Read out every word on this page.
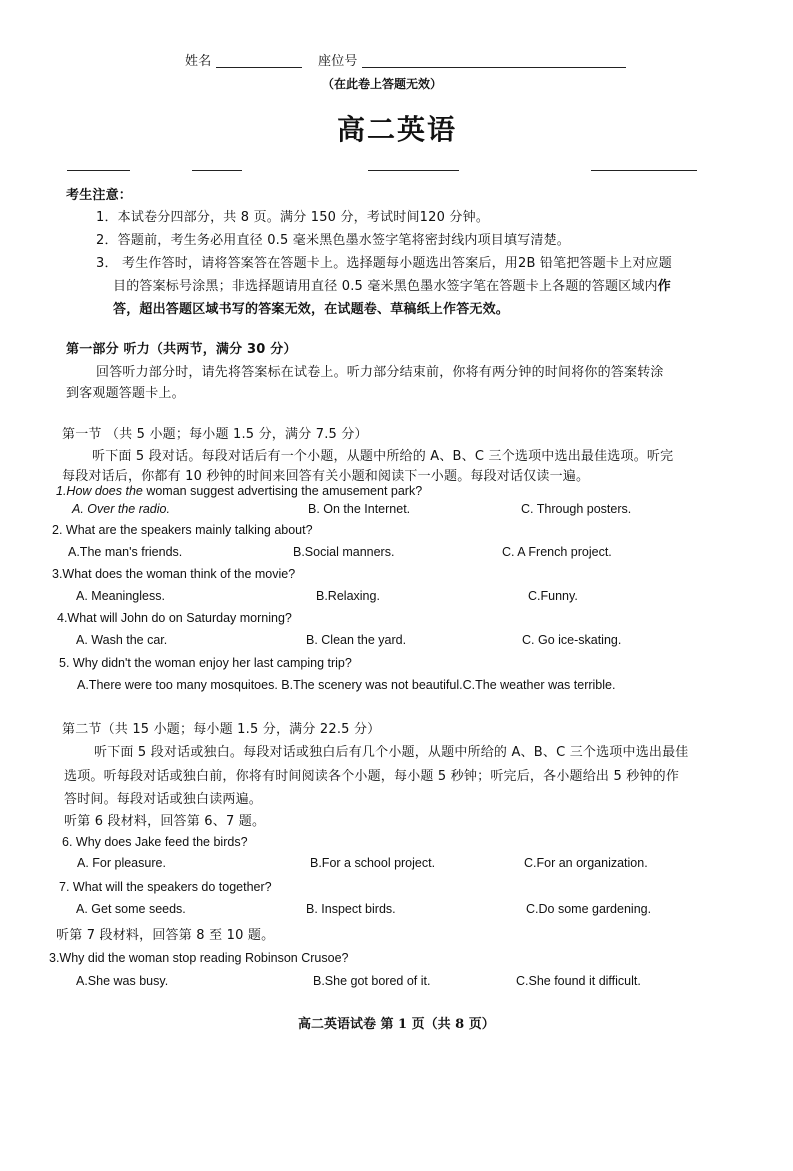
姓名	座位号
（在此卷上答题无效）
高二英语
考生注意：
1．本试卷分四部分，共 8 页。满分 150 分，考试时间120 分钟。
2．答题前，考生务必用直径 0.5 毫米黑色墨水签字笔将密封线内项目填写清楚。
3． 考生作答时，请将答案答在答题卡上。选择题每小题选出答案后，用2B 铅笔把答题卡上对应题
目的答案标号涂黑；非选择题请用直径 0.5 毫米黑色墨水签字笔在答题卡上各题的答题区域内作
答，超出答题区域书写的答案无效，在试题卷、草稿纸上作答无效。
第一部分 听力（共两节，满分 30 分）
回答听力部分时，请先将答案标在试卷上。听力部分结束前，你将有两分钟的时间将你的答案转涂
到客观题答题卡上。
第一节 （共 5 小题；每小题 1.5 分，满分 7.5 分）
听下面 5 段对话。每段对话后有一个小题，从题中所给的 A、B、C 三个选项中选出最佳选项。听完
每段对话后，你都有 10 秒钟的时间来回答有关小题和阅读下一小题。每段对话仅读一遍。
1.How does the woman suggest advertising the amusement park?
A. Over the radio.	B. On the Internet.	C. Through posters.
2. What are the speakers mainly talking about?
A.The man's friends.	B.Social manners.	C. A French project.
3.What does the woman think of the movie?
A. Meaningless.	B.Relaxing.	C.Funny.
4.What will John do on Saturday morning?
A. Wash the car.	B. Clean the yard.	C. Go ice-skating.
5. Why didn't the woman enjoy her last camping trip?
A.There were too many mosquitoes. B.The scenery was not beautiful.C.The weather was terrible.
第二节（共 15 小题；每小题 1.5 分，满分 22.5 分）
听下面 5 段对话或独白。每段对话或独白后有几个小题，从题中所给的 A、B、C 三个选项中选出最佳
选项。听每段对话或独白前，你将有时间阅读各个小题，每小题 5 秒钟；听完后，各小题给出 5 秒钟的作
答时间。每段对话或独白读两遍。
听第 6 段材料，回答第 6、7 题。
6. Why does Jake feed the birds?
A. For pleasure.	B.For a school project.	C.For an organization.
7. What will the speakers do together?
A. Get some seeds.	B. Inspect birds.	C.Do some gardening.
听第 7 段材料，回答第 8 至 10 题。
3.Why did the woman stop reading Robinson Crusoe?
A.She was busy.	B.She got bored of it.	C.She found it difficult.
高二英语试卷 第 1 页（共 8 页）
